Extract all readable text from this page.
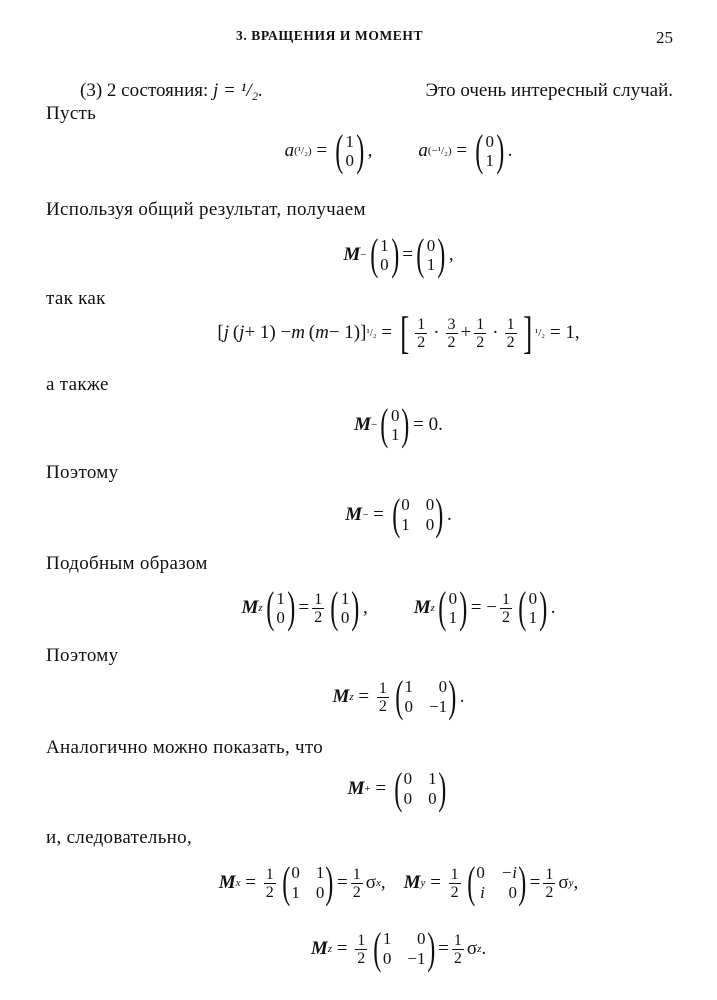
3. ВРАЩЕНИЯ И МОМЕНТ	25
(3) 2 состояния: j = ¹/₂.	Это очень интересный случай.
Пусть
a (¹/₂) = ( 1
0 ) , a (−¹/₂) = ( 0
1 ) .
Используя общий результат, получаем
M − ( 1
0 ) = ( 0
1 ) ,
так как
[ j  ( j + 1) − m  ( m − 1)] ¹/₂ = [ $\frac{1}{2} \cdot \frac{3}{2} + \frac{1}{2} \cdot \frac{1}{2}$ ] ¹/₂ = 1,
а также
M − ( 0
1 ) = 0.
Поэтому
M − = ( 0 0
1 0 ) .
Подобным образом
M z ( 1
0 ) = $\frac{1}{2}$ ( 1
0 ) , M z ( 0
1 ) = − $\frac{1}{2}$ ( 0
1 ) .
Поэтому
M $z = \frac{1}{2}$ ( 1	0
0 −1 ) .
Аналогично можно показать, что
M + = ( 0 1
0 0 )
и, следовательно,
M $x = \frac{1}{2}$ ( 0 1
1 0 ) = $\frac{1}{2}$ σ x , M $y = \frac{1}{2}$ ( 0 −i
i	0 ) = $\frac{1}{2}$ σ y ,
M $z = \frac{1}{2}$ ( 1	0
0 −1 ) = $\frac{1}{2}$ σ z .
